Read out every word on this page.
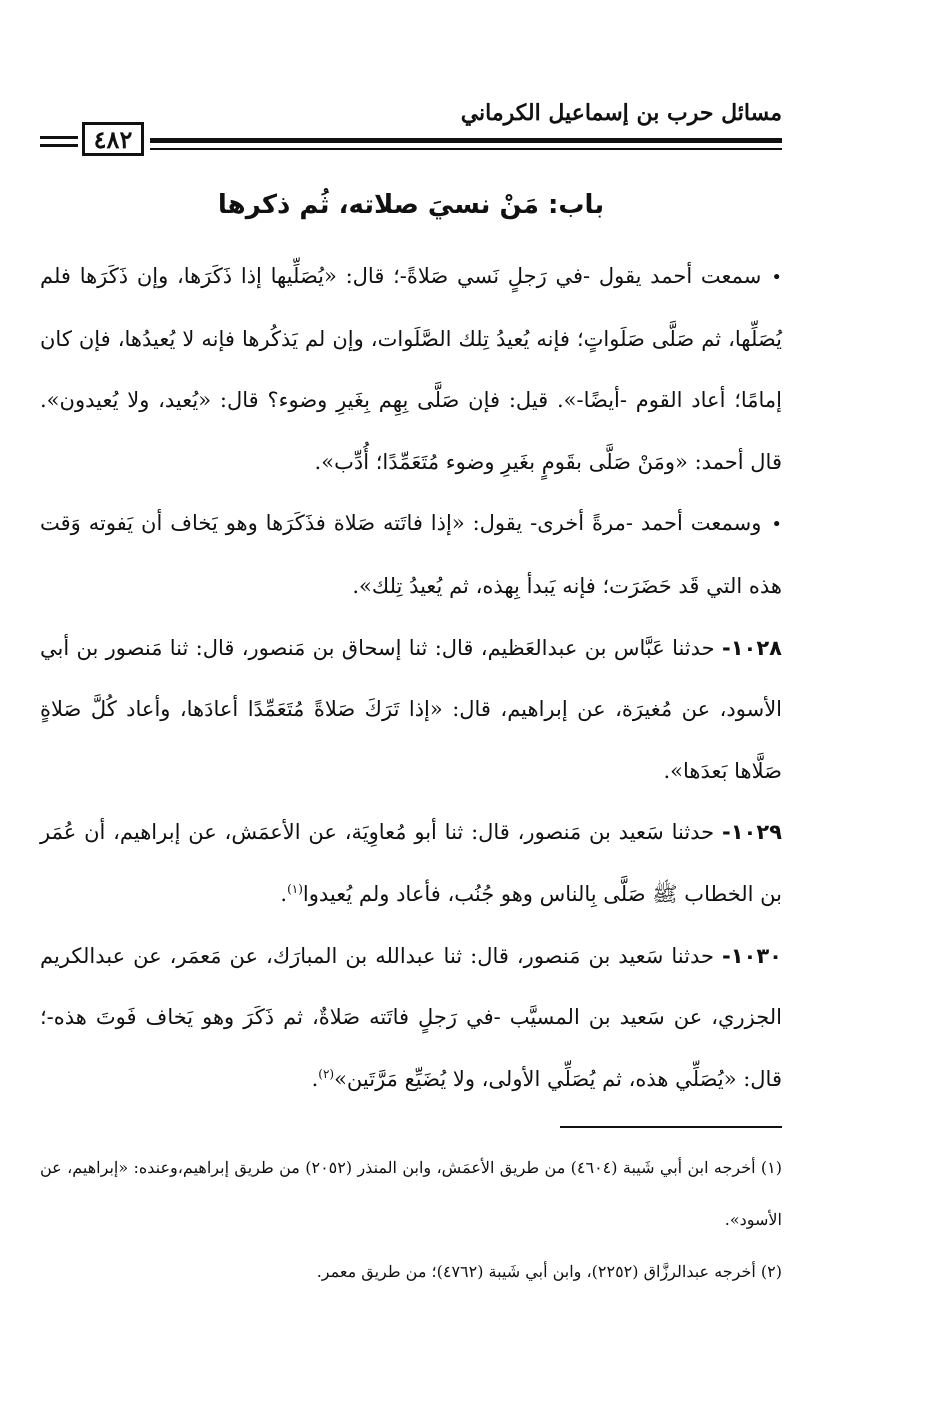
٤٨٢
مسائل حرب بن إسماعيل الكرماني
باب: مَنْ نسيَ صلاته، ثُم ذكرها

•سمعت أحمد يقول -في رَجلٍ نَسي صَلاةً-؛ قال: «يُصَلِّيها إذا ذَكَرَها، وإن ذَكَرَها فلم يُصَلِّها، ثم صَلَّى صَلَواتٍ؛ فإنه يُعيدُ تِلك الصَّلَوات، وإن لم يَذكُرها فإنه لا يُعيدُها، فإن كان إمامًا؛ أعاد القوم -أيضًا-». قيل: فإن صَلَّى بِهِم بِغَيرِ وضوء؟ قال: «يُعيد، ولا يُعيدون». قال أحمد: «ومَنْ صَلَّى بقَومٍ بغَيرِ وضوء مُتَعَمِّدًا؛ أُدِّب».

•وسمعت أحمد -مرةً أخرى- يقول: «إذا فاتَته صَلاة فذَكَرَها وهو يَخاف أن يَفوته وَقت هذه التي قَد حَضَرَت؛ فإنه يَبدأ بِهذه، ثم يُعيدُ تِلك».

١٠٢٨- حدثنا عَبَّاس بن عبدالعَظيم، قال: ثنا إسحاق بن مَنصور، قال: ثنا مَنصور بن أبي الأسود، عن مُغيرَة، عن إبراهيم، قال: «إذا تَرَكَ صَلاةً مُتَعَمِّدًا أعادَها، وأعاد كُلَّ صَلاةٍ صَلَّاها بَعدَها».

١٠٢٩- حدثنا سَعيد بن مَنصور، قال: ثنا أبو مُعاوِيَة، عن الأعمَش، عن إبراهيم، أن عُمَر بن الخطاب ﷺ صَلَّى بِالناس وهو جُنُب، فأعاد ولم يُعيدوا$^{(١)}$.

١٠٣٠- حدثنا سَعيد بن مَنصور، قال: ثنا عبدالله بن المبارَك، عن مَعمَر، عن عبدالكريم الجزري، عن سَعيد بن المسيَّب -في رَجلٍ فاتَته صَلاةٌ، ثم ذَكَرَ وهو يَخاف فَوتَ هذه-؛ قال: «يُصَلِّي هذه، ثم يُصَلِّي الأولى، ولا يُضَيِّع مَرَّتَين»$^{(٢)}$.

(١) أخرجه ابن أبي شَيبة (٤٦٠٤) من طريق الأعمَش، وابن المنذر (٢٠٥٢) من طريق إبراهيم،وعنده: «إبراهيم، عن الأسود».

(٢) أخرجه عبدالرزَّاق (٢٢٥٢)، وابن أبي شَيبة (٤٧٦٢)؛ من طريق معمر.
